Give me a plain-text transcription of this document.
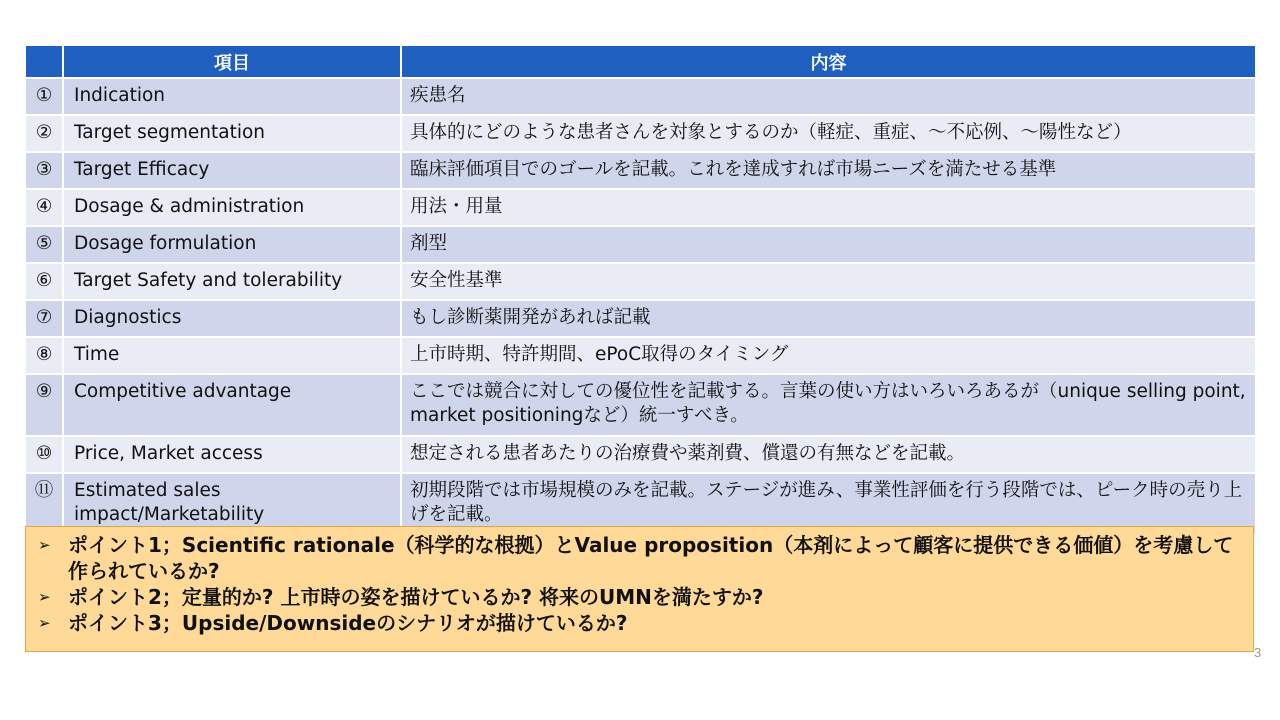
	項目	内容
①	Indication	疾患名
②	Target segmentation	具体的にどのような患者さんを対象とするのか（軽症、重症、～不応例、～陽性など）
③	Target Efficacy	臨床評価項目でのゴールを記載。これを達成すれば市場ニーズを満たせる基準
④	Dosage & administration	用法・用量
⑤	Dosage formulation	剤型
⑥	Target Safety and tolerability	安全性基準
⑦	Diagnostics	もし診断薬開発があれば記載
⑧	Time	上市時期、特許期間、ePoC取得のタイミング
⑨	Competitive advantage	ここでは競合に対しての優位性を記載する。言葉の使い方はいろいろあるが（unique selling point, market positioningなど）統一すべき。
⑩	Price, Market access	想定される患者あたりの治療費や薬剤費、償還の有無などを記載。
⑪	Estimated sales impact/Marketability	初期段階では市場規模のみを記載。ステージが進み、事業性評価を行う段階では、ピーク時の売り上げを記載。
➢ ポイント1；Scientific rationale（科学的な根拠）とValue proposition（本剤によって顧客に提供できる価値）を考慮して作られているか?
➢ ポイント2；定量的か? 上市時の姿を描けているか? 将来のUMNを満たすか?
➢ ポイント3；Upside/Downsideのシナリオが描けているか?
3
